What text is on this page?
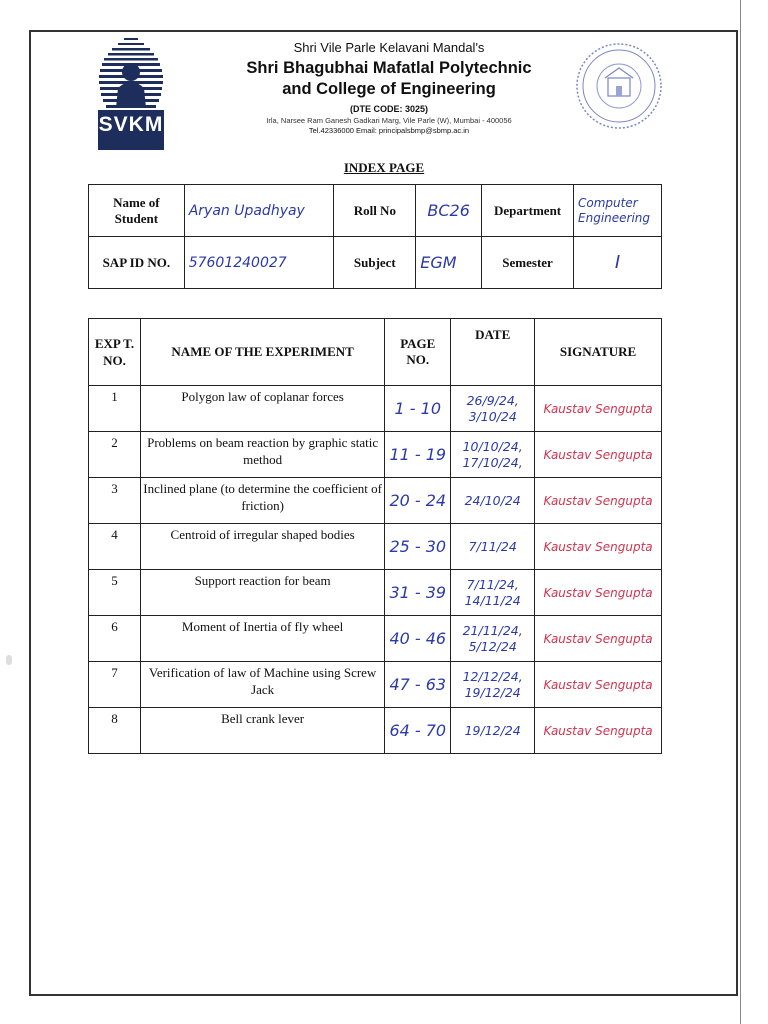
SVKM
Shri Vile Parle Kelavani Mandal's
Shri Bhagubhai Mafatlal Polytechnic
and College of Engineering
(DTE CODE: 3025)
Irla, Narsee Ram Ganesh Gadkari Marg, Vile Parle (W), Mumbai - 400056
Tel.42336000 Email: principalsbmp@sbmp.ac.in
INDEX PAGE
Name of Student	Aryan Upadhyay	Roll No	BC26	Department	Computer Engineering
SAP ID NO.	57601240027	Subject	EGM	Semester	I
EXP T. NO.	NAME OF THE EXPERIMENT	PAGE NO.	DATE	SIGNATURE
1	Polygon law of coplanar forces	1 - 10	26/9/24, 3/10/24	Kaustav Sengupta
2	Problems on beam reaction by graphic static method	11 - 19	10/10/24, 17/10/24,	Kaustav Sengupta
3	Inclined plane (to determine the coefficient of friction)	20 - 24	24/10/24	Kaustav Sengupta
4	Centroid of irregular shaped bodies	25 - 30	7/11/24	Kaustav Sengupta
5	Support reaction for beam	31 - 39	7/11/24, 14/11/24	Kaustav Sengupta
6	Moment of Inertia of fly wheel	40 - 46	21/11/24, 5/12/24	Kaustav Sengupta
7	Verification of law of Machine using Screw Jack	47 - 63	12/12/24, 19/12/24	Kaustav Sengupta
8	Bell crank lever	64 - 70	19/12/24	Kaustav Sengupta
